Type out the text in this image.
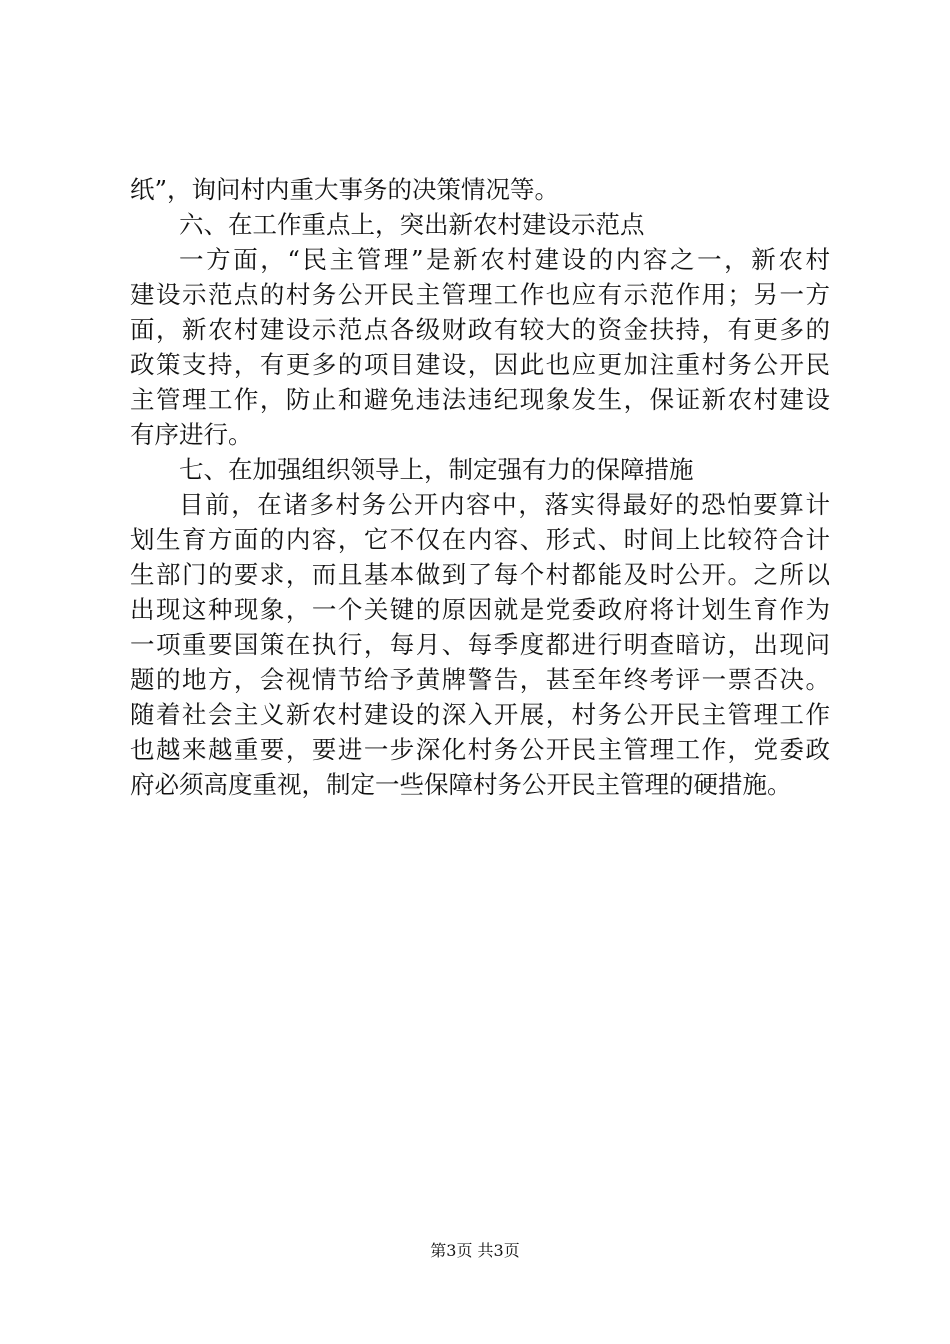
纸”，询问村内重大事务的决策情况等。
六、在工作重点上，突出新农村建设示范点
一方面，“民主管理”是新农村建设的内容之一，新农村
建设示范点的村务公开民主管理工作也应有示范作用；另一方
面，新农村建设示范点各级财政有较大的资金扶持，有更多的
政策支持，有更多的项目建设，因此也应更加注重村务公开民
主管理工作，防止和避免违法违纪现象发生，保证新农村建设
有序进行。
七、在加强组织领导上，制定强有力的保障措施
目前，在诸多村务公开内容中，落实得最好的恐怕要算计
划生育方面的内容，它不仅在内容、形式、时间上比较符合计
生部门的要求，而且基本做到了每个村都能及时公开。之所以
出现这种现象，一个关键的原因就是党委政府将计划生育作为
一项重要国策在执行，每月、每季度都进行明查暗访，出现问
题的地方，会视情节给予黄牌警告，甚至年终考评一票否决。
随着社会主义新农村建设的深入开展，村务公开民主管理工作
也越来越重要，要进一步深化村务公开民主管理工作，党委政
府必须高度重视，制定一些保障村务公开民主管理的硬措施。
第3页 共3页
